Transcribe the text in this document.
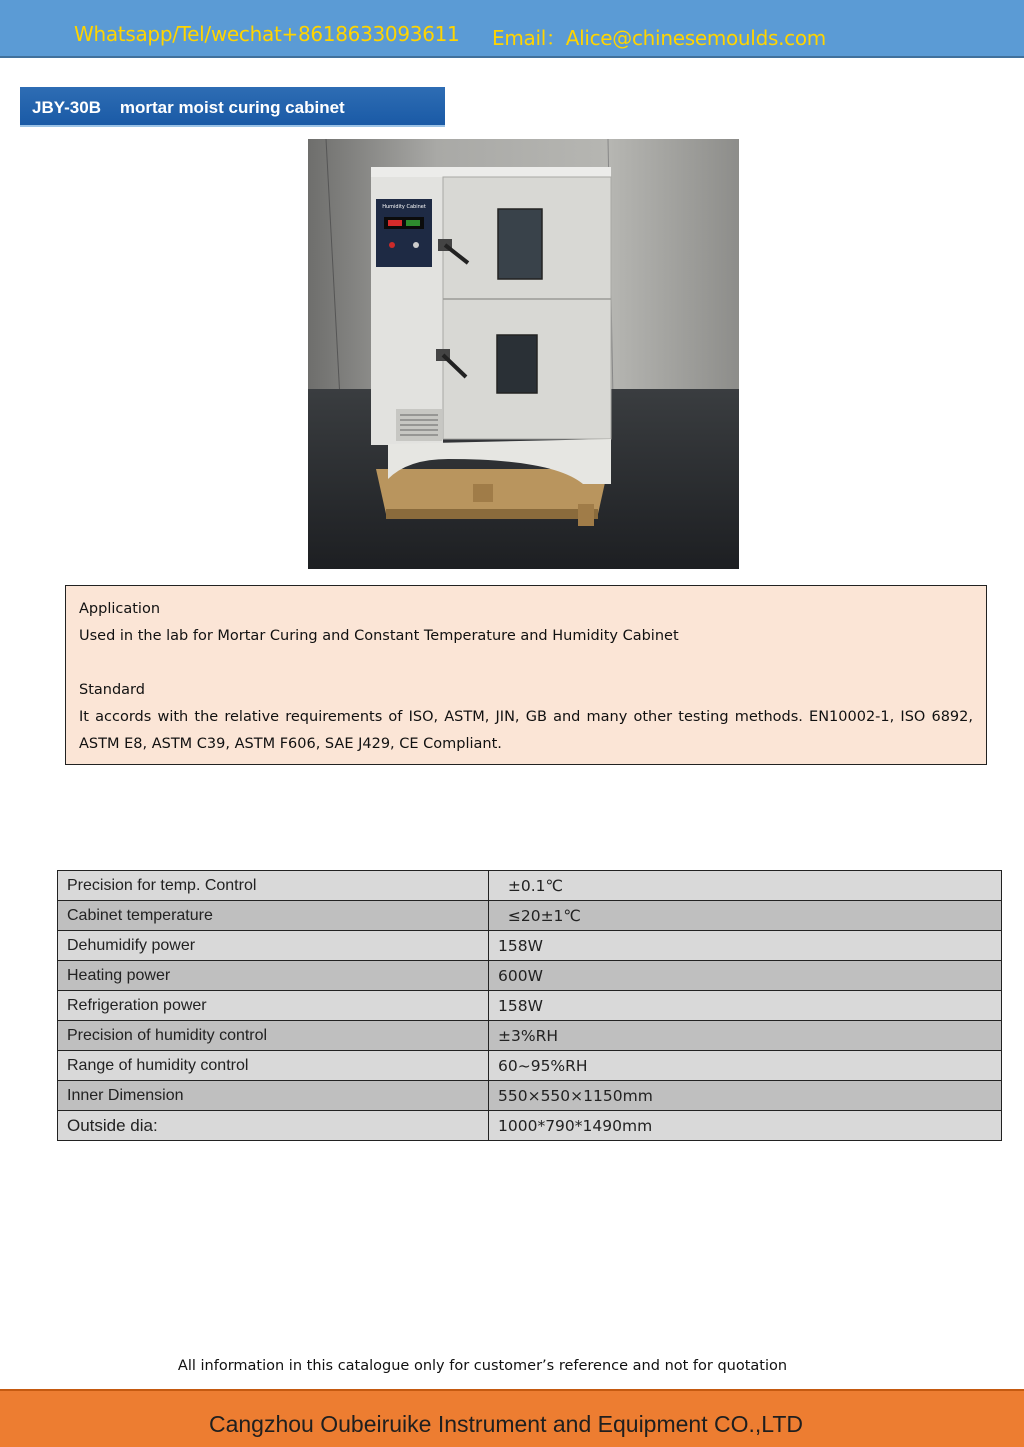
Whatsapp/Tel/wechat+8618633093611 Email：Alice@chinesemoulds.com
JBY-30B    mortar moist curing cabinet
Humidity Cabinet

Application

Used in the lab for Mortar Curing and Constant Temperature and Humidity Cabinet

Standard

It accords with the relative requirements of ISO, ASTM, JIN, GB and many other testing methods. EN10002-1, ISO 6892, ASTM E8, ASTM C39, ASTM F606, SAE J429, CE Compliant.

Precision for temp. Control	±0.1℃
Cabinet temperature	≤20±1℃
Dehumidify power	158W
Heating power	600W
Refrigeration power	158W
Precision of humidity control	±3%RH
Range of humidity control	60~95%RH
Inner Dimension	550×550×1150mm
Outside dia:	1000*790*1490mm
All information in this catalogue only for customer’s reference and not for quotation
Cangzhou Oubeiruike Instrument and Equipment CO.,LTD
